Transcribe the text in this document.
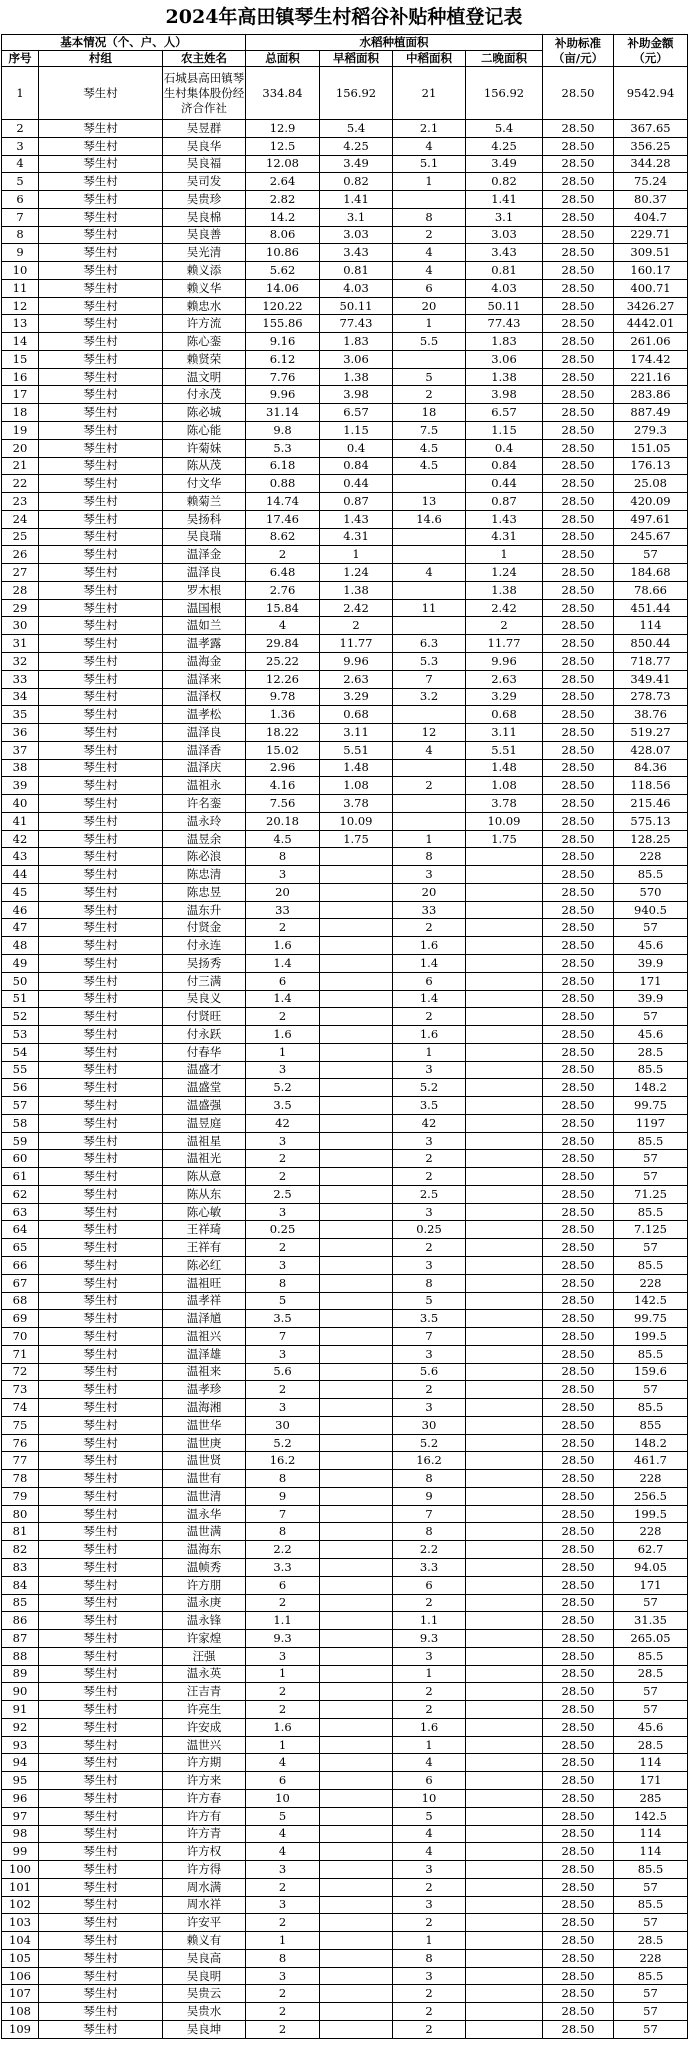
2024年高田镇琴生村稻谷补贴种植登记表
基本情况（个、户、人）			水稻种植面积				补助标准（亩/元）	补助金额（元）
序号	村组	农主姓名	总面积	早稻面积	中稻面积	二晚面积		
1	琴生村	石城县高田镇琴生村集体股份经济合作社	334.84	156.92	21	156.92	28.50	9542.94
2	琴生村	吴昱群	12.9	5.4	2.1	5.4	28.50	367.65
3	琴生村	吴良华	12.5	4.25	4	4.25	28.50	356.25
4	琴生村	吴良福	12.08	3.49	5.1	3.49	28.50	344.28
5	琴生村	吴司发	2.64	0.82	1	0.82	28.50	75.24
6	琴生村	吴贵珍	2.82	1.41		1.41	28.50	80.37
7	琴生村	吴良棉	14.2	3.1	8	3.1	28.50	404.7
8	琴生村	吴良善	8.06	3.03	2	3.03	28.50	229.71
9	琴生村	吴光清	10.86	3.43	4	3.43	28.50	309.51
10	琴生村	赖义添	5.62	0.81	4	0.81	28.50	160.17
11	琴生村	赖义华	14.06	4.03	6	4.03	28.50	400.71
12	琴生村	赖忠水	120.22	50.11	20	50.11	28.50	3426.27
13	琴生村	许方流	155.86	77.43	1	77.43	28.50	4442.01
14	琴生村	陈心銮	9.16	1.83	5.5	1.83	28.50	261.06
15	琴生村	赖贤荣	6.12	3.06		3.06	28.50	174.42
16	琴生村	温文明	7.76	1.38	5	1.38	28.50	221.16
17	琴生村	付永茂	9.96	3.98	2	3.98	28.50	283.86
18	琴生村	陈必城	31.14	6.57	18	6.57	28.50	887.49
19	琴生村	陈心能	9.8	1.15	7.5	1.15	28.50	279.3
20	琴生村	许菊妹	5.3	0.4	4.5	0.4	28.50	151.05
21	琴生村	陈从茂	6.18	0.84	4.5	0.84	28.50	176.13
22	琴生村	付文华	0.88	0.44		0.44	28.50	25.08
23	琴生村	赖菊兰	14.74	0.87	13	0.87	28.50	420.09
24	琴生村	吴扬科	17.46	1.43	14.6	1.43	28.50	497.61
25	琴生村	吴良瑞	8.62	4.31		4.31	28.50	245.67
26	琴生村	温泽金	2	1		1	28.50	57
27	琴生村	温泽良	6.48	1.24	4	1.24	28.50	184.68
28	琴生村	罗木根	2.76	1.38		1.38	28.50	78.66
29	琴生村	温国根	15.84	2.42	11	2.42	28.50	451.44
30	琴生村	温如兰	4	2		2	28.50	114
31	琴生村	温孝露	29.84	11.77	6.3	11.77	28.50	850.44
32	琴生村	温海金	25.22	9.96	5.3	9.96	28.50	718.77
33	琴生村	温泽来	12.26	2.63	7	2.63	28.50	349.41
34	琴生村	温泽权	9.78	3.29	3.2	3.29	28.50	278.73
35	琴生村	温孝松	1.36	0.68		0.68	28.50	38.76
36	琴生村	温泽良	18.22	3.11	12	3.11	28.50	519.27
37	琴生村	温泽香	15.02	5.51	4	5.51	28.50	428.07
38	琴生村	温泽庆	2.96	1.48		1.48	28.50	84.36
39	琴生村	温祖永	4.16	1.08	2	1.08	28.50	118.56
40	琴生村	许名銮	7.56	3.78		3.78	28.50	215.46
41	琴生村	温永玲	20.18	10.09		10.09	28.50	575.13
42	琴生村	温昱余	4.5	1.75	1	1.75	28.50	128.25
43	琴生村	陈必浪	8		8		28.50	228
44	琴生村	陈忠清	3		3		28.50	85.5
45	琴生村	陈忠昱	20		20		28.50	570
46	琴生村	温东升	33		33		28.50	940.5
47	琴生村	付贤金	2		2		28.50	57
48	琴生村	付永连	1.6		1.6		28.50	45.6
49	琴生村	吴扬秀	1.4		1.4		28.50	39.9
50	琴生村	付三满	6		6		28.50	171
51	琴生村	吴良义	1.4		1.4		28.50	39.9
52	琴生村	付贤旺	2		2		28.50	57
53	琴生村	付永跃	1.6		1.6		28.50	45.6
54	琴生村	付春华	1		1		28.50	28.5
55	琴生村	温盛才	3		3		28.50	85.5
56	琴生村	温盛堂	5.2		5.2		28.50	148.2
57	琴生村	温盛强	3.5		3.5		28.50	99.75
58	琴生村	温昱庭	42		42		28.50	1197
59	琴生村	温祖星	3		3		28.50	85.5
60	琴生村	温祖光	2		2		28.50	57
61	琴生村	陈从意	2		2		28.50	57
62	琴生村	陈从东	2.5		2.5		28.50	71.25
63	琴生村	陈心敏	3		3		28.50	85.5
64	琴生村	王祥琦	0.25		0.25		28.50	7.125
65	琴生村	王祥有	2		2		28.50	57
66	琴生村	陈必红	3		3		28.50	85.5
67	琴生村	温祖旺	8		8		28.50	228
68	琴生村	温孝祥	5		5		28.50	142.5
69	琴生村	温泽馗	3.5		3.5		28.50	99.75
70	琴生村	温祖兴	7		7		28.50	199.5
71	琴生村	温泽雄	3		3		28.50	85.5
72	琴生村	温祖来	5.6		5.6		28.50	159.6
73	琴生村	温孝珍	2		2		28.50	57
74	琴生村	温海湘	3		3		28.50	85.5
75	琴生村	温世华	30		30		28.50	855
76	琴生村	温世庚	5.2		5.2		28.50	148.2
77	琴生村	温世贤	16.2		16.2		28.50	461.7
78	琴生村	温世有	8		8		28.50	228
79	琴生村	温世清	9		9		28.50	256.5
80	琴生村	温永华	7		7		28.50	199.5
81	琴生村	温世满	8		8		28.50	228
82	琴生村	温海东	2.2		2.2		28.50	62.7
83	琴生村	温帧秀	3.3		3.3		28.50	94.05
84	琴生村	许方朋	6		6		28.50	171
85	琴生村	温永庚	2		2		28.50	57
86	琴生村	温永锋	1.1		1.1		28.50	31.35
87	琴生村	许家煌	9.3		9.3		28.50	265.05
88	琴生村	汪强	3		3		28.50	85.5
89	琴生村	温永英	1		1		28.50	28.5
90	琴生村	汪吉青	2		2		28.50	57
91	琴生村	许亮生	2		2		28.50	57
92	琴生村	许安成	1.6		1.6		28.50	45.6
93	琴生村	温世兴	1		1		28.50	28.5
94	琴生村	许方期	4		4		28.50	114
95	琴生村	许方来	6		6		28.50	171
96	琴生村	许方春	10		10		28.50	285
97	琴生村	许方有	5		5		28.50	142.5
98	琴生村	许方青	4		4		28.50	114
99	琴生村	许方权	4		4		28.50	114
100	琴生村	许方得	3		3		28.50	85.5
101	琴生村	周水满	2		2		28.50	57
102	琴生村	周水祥	3		3		28.50	85.5
103	琴生村	许安平	2		2		28.50	57
104	琴生村	赖义有	1		1		28.50	28.5
105	琴生村	吴良高	8		8		28.50	228
106	琴生村	吴良明	3		3		28.50	85.5
107	琴生村	吴贵云	2		2		28.50	57
108	琴生村	吴贵水	2		2		28.50	57
109	琴生村	吴良坤	2		2		28.50	57
